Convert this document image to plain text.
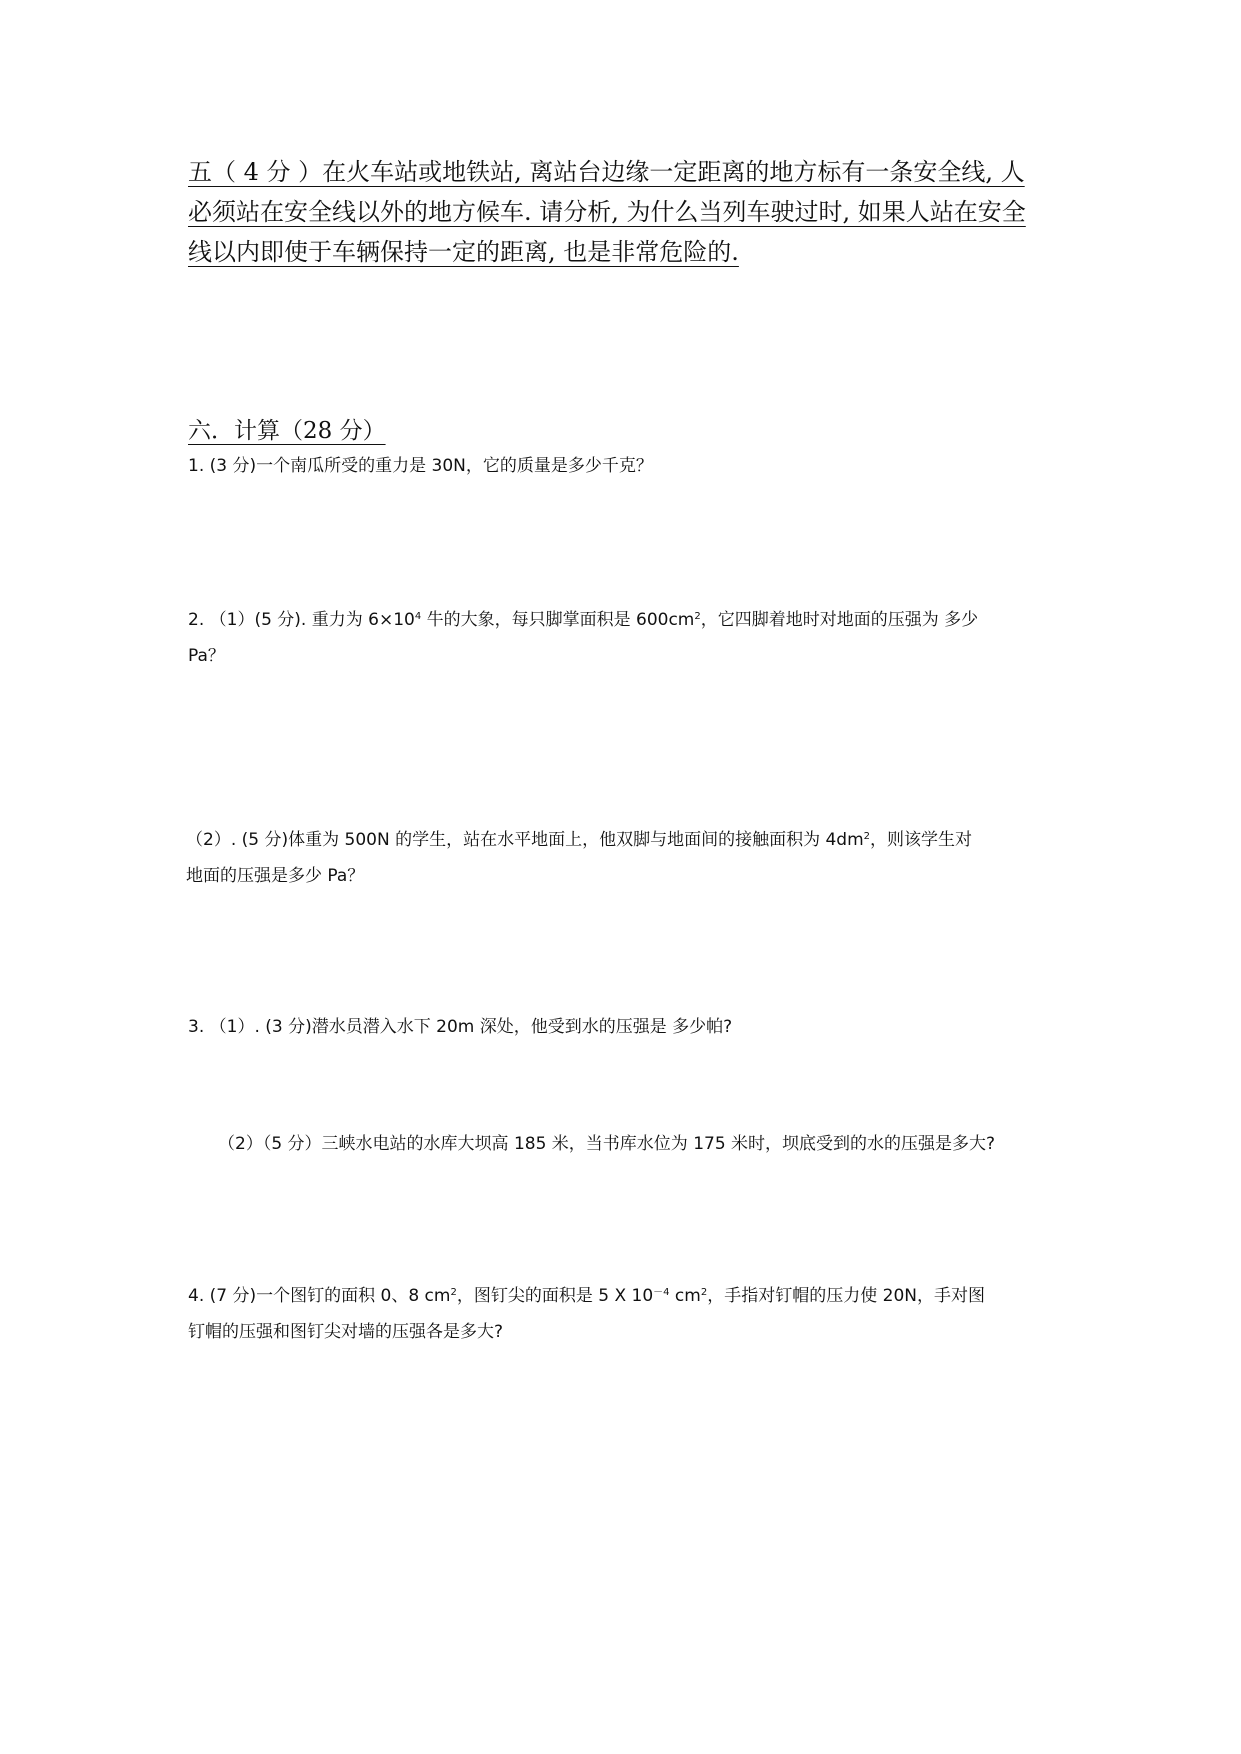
五（ 4 分 ）在火车站或地铁站, 离站台边缘一定距离的地方标有一条安全线, 人
必须站在安全线以外的地方候车. 请分析, 为什么当列车驶过时, 如果人站在安全
线以内即使于车辆保持一定的距离, 也是非常危险的.
六．计算（28 分）
1. (3 分)一个南瓜所受的重力是 30N，它的质量是多少千克？
2. （1）(5 分). 重力为 $6\times 10^4$ 牛的大象，每只脚掌面积是 $600cm^2$，它四脚着地时对地面的压强为 多少
Pa？
（2）. (5 分)体重为 500N 的学生，站在水平地面上，他双脚与地面间的接触面积为 $4dm^2$，则该学生对
地面的压强是多少 Pa？
3. （1）. (3 分)潜水员潜入水下 20m 深处，他受到水的压强是 多少帕?
（2）（5 分）三峡水电站的水库大坝高 185 米，当书库水位为 175 米时，坝底受到的水的压强是多大?
4. (7 分)一个图钉的面积 0、8 $cm^2$，图钉尖的面积是 5 X $10^{-4}$ $cm^2$，手指对钉帽的压力使 20N，手对图
钉帽的压强和图钉尖对墙的压强各是多大?
